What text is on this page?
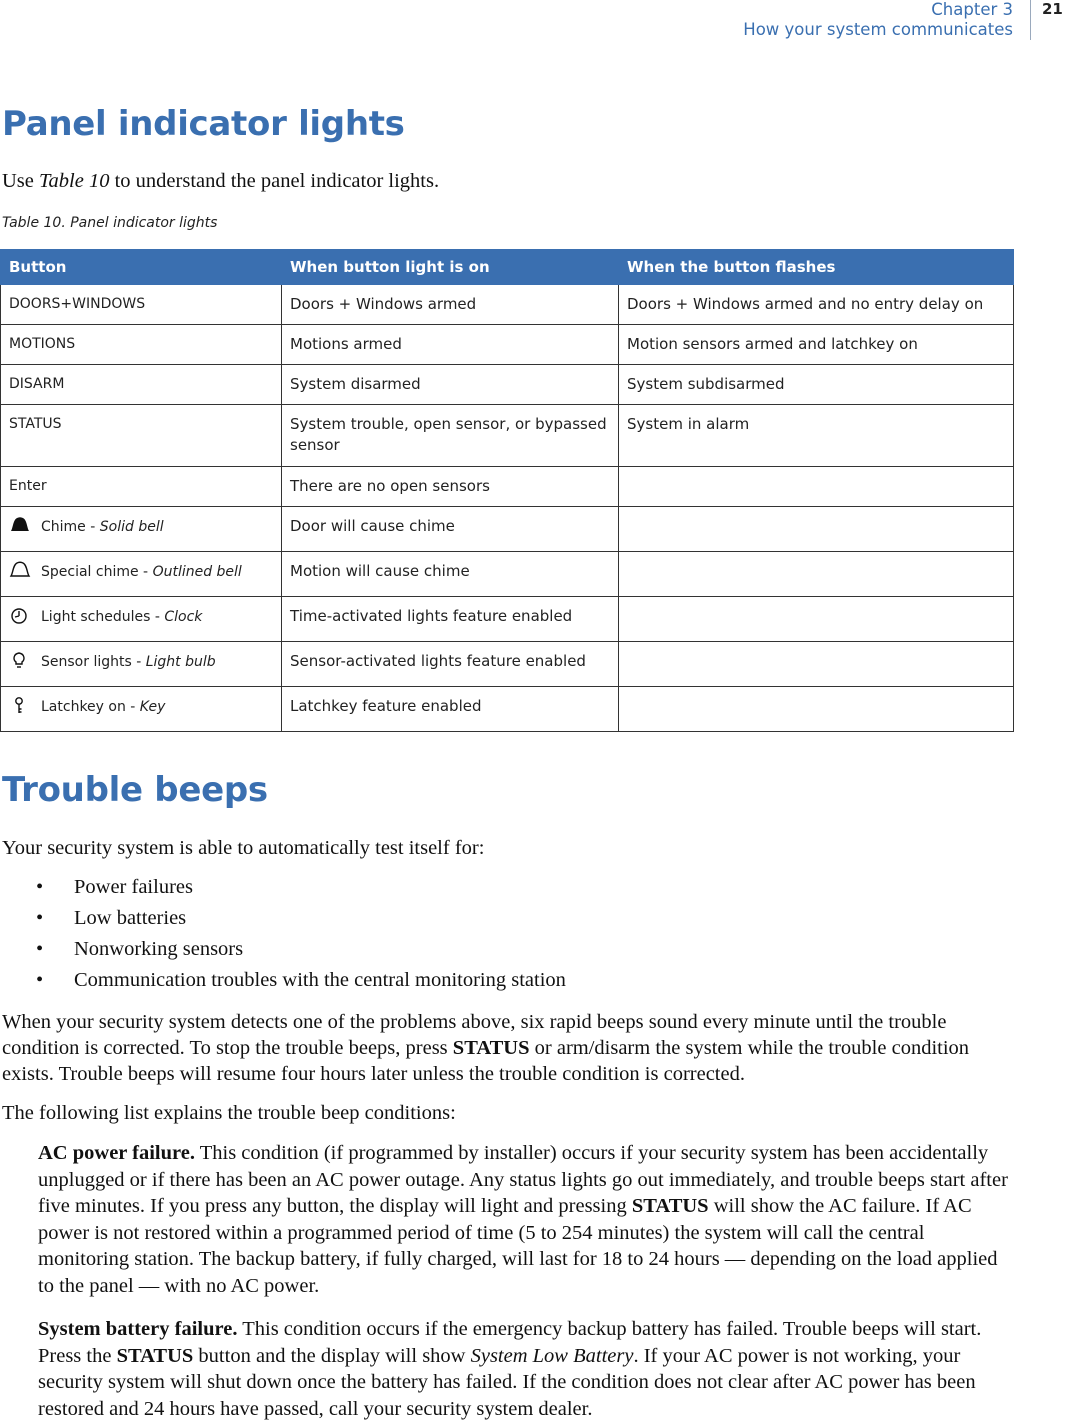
Chapter 3
How your system communicates
21
Panel indicator lights

Use Table 10 to understand the panel indicator lights.

Table 10. Panel indicator lights
Button	When button light is on	When the button flashes
DOORS+WINDOWS	Doors + Windows armed	Doors + Windows armed and no entry delay on
MOTIONS	Motions armed	Motion sensors armed and latchkey on
DISARM	System disarmed	System subdisarmed
STATUS	System trouble, open sensor, or bypassed sensor	System in alarm
Enter	There are no open sensors	

Chime - Solid bell	Door will cause chime	

Special chime - Outlined bell	Motion will cause chime	

Light schedules - Clock	Time-activated lights feature enabled	

Sensor lights - Light bulb	Sensor-activated lights feature enabled	

Latchkey on - Key	Latchkey feature enabled	
Trouble beeps

Your security system is able to automatically test itself for:

• Power failures
• Low batteries
• Nonworking sensors
• Communication troubles with the central monitoring station

When your security system detects one of the problems above, six rapid beeps sound every minute until the trouble condition is corrected. To stop the trouble beeps, press STATUS or arm/disarm the system while the trouble condition exists. Trouble beeps will resume four hours later unless the trouble condition is corrected.

The following list explains the trouble beep conditions:

AC power failure. This condition (if programmed by installer) occurs if your security system has been accidentally unplugged or if there has been an AC power outage. Any status lights go out immediately, and trouble beeps start after five minutes. If you press any button, the display will light and pressing STATUS will show the AC failure. If AC power is not restored within a programmed period of time (5 to 254 minutes) the system will call the central monitoring station. The backup battery, if fully charged, will last for 18 to 24 hours — depending on the load applied to the panel — with no AC power.

System battery failure. This condition occurs if the emergency backup battery has failed. Trouble beeps will start. Press the STATUS button and the display will show System Low Battery. If your AC power is not working, your security system will shut down once the battery has failed. If the condition does not clear after AC power has been restored and 24 hours have passed, call your security system dealer.
